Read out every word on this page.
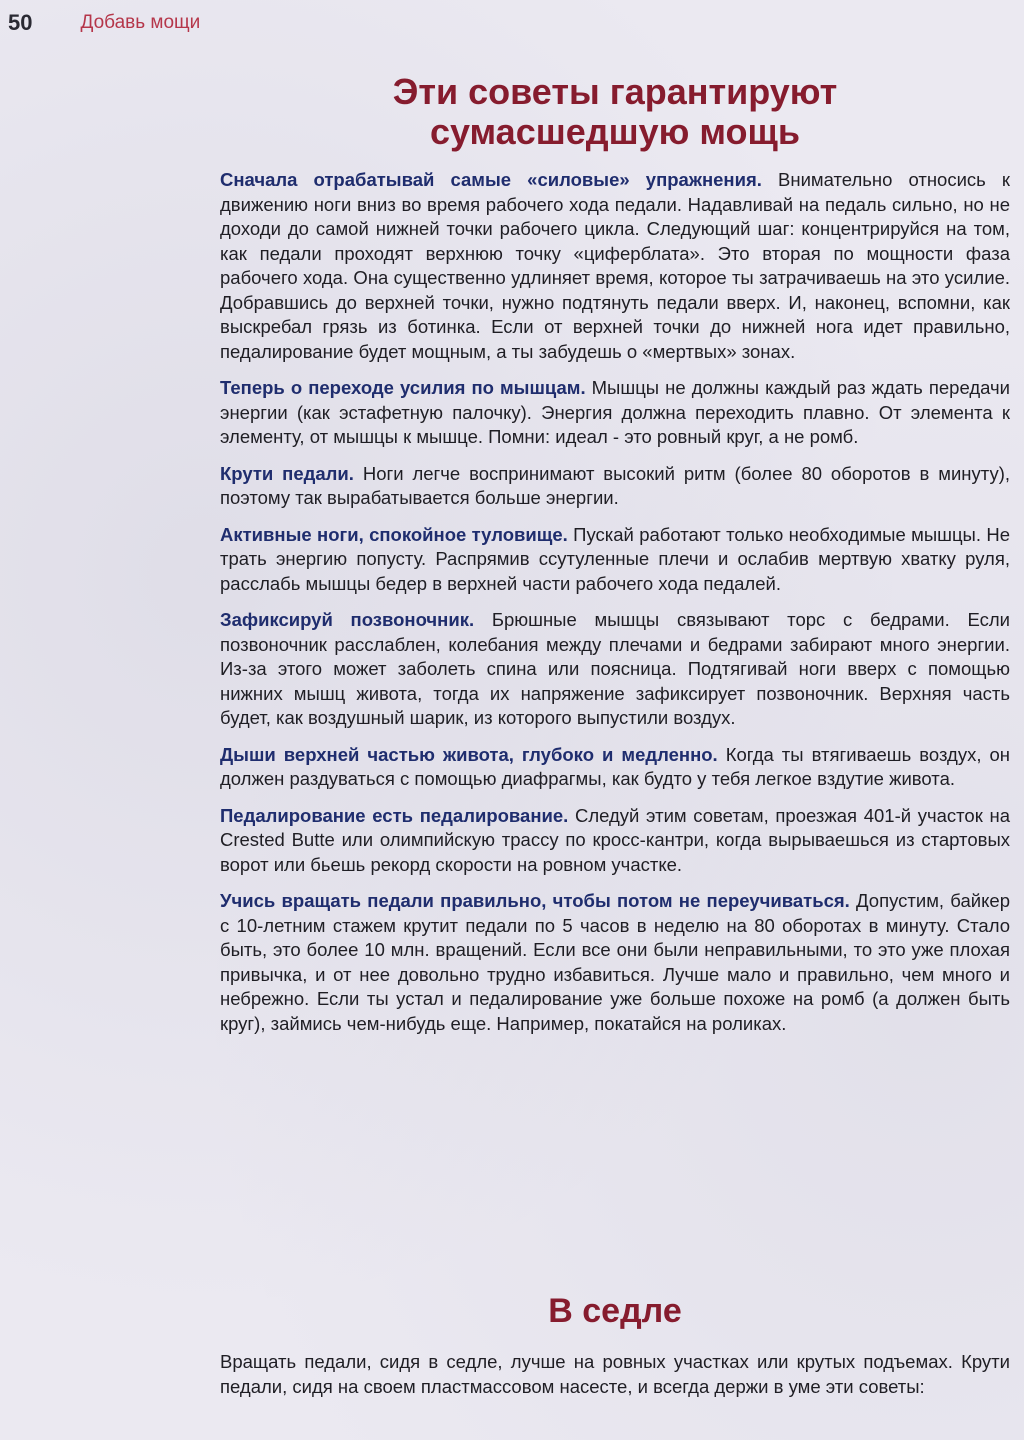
50	Добавь мощи
Эти советы гарантируют
сумасшедшую мощь

Сначала отрабатывай самые «силовые» упражнения. Внимательно относись к движению ноги вниз во время рабочего хода педали. Надавливай на педаль сильно, но не доходи до самой нижней точки рабочего цикла. Следующий шаг: концентрируйся на том, как педали проходят верхнюю точку «циферблата». Это вторая по мощности фаза рабочего хода. Она существенно удлиняет время, которое ты затрачиваешь на это усилие. Добравшись до верхней точки, нужно подтянуть педали вверх. И, наконец, вспомни, как выскребал грязь из ботинка. Если от верхней точки до нижней нога идет правильно, педалирование будет мощным, а ты забудешь о «мертвых» зонах.

Теперь о переходе усилия по мышцам. Мышцы не должны каждый раз ждать передачи энергии (как эстафетную палочку). Энергия должна переходить плавно. От элемента к элементу, от мышцы к мышце. Помни: идеал - это ровный круг, а не ромб.

Крути педали. Ноги легче воспринимают высокий ритм (более 80 оборотов в минуту), поэтому так вырабатывается больше энергии.

Активные ноги, спокойное туловище. Пускай работают только необходимые мышцы. Не трать энергию попусту. Распрямив ссутуленные плечи и ослабив мертвую хватку руля, расслабь мышцы бедер в верхней части рабочего хода педалей.

Зафиксируй позвоночник. Брюшные мышцы связывают торс с бедрами. Если позвоночник расслаблен, колебания между плечами и бедрами забирают много энергии. Из-за этого может заболеть спина или поясница. Подтягивай ноги вверх с помощью нижних мышц живота, тогда их напряжение зафиксирует позвоночник. Верхняя часть будет, как воздушный шарик, из которого выпустили воздух.

Дыши верхней частью живота, глубоко и медленно. Когда ты втягиваешь воздух, он должен раздуваться с помощью диафрагмы, как будто у тебя легкое вздутие живота.

Педалирование есть педалирование. Следуй этим советам, проезжая 401-й участок на Crested Butte или олимпийскую трассу по кросс-кантри, когда вырываешься из стартовых ворот или бьешь рекорд скорости на ровном участке.

Учись вращать педали правильно, чтобы потом не переучиваться. Допустим, байкер с 10-летним стажем крутит педали по 5 часов в неделю на 80 оборотах в минуту. Стало быть, это более 10 млн. вращений. Если все они были неправильными, то это уже плохая привычка, и от нее довольно трудно избавиться. Лучше мало и правильно, чем много и небрежно. Если ты устал и педалирование уже больше похоже на ромб (а должен быть круг), займись чем-нибудь еще. Например, покатайся на роликах.

В седле

Вращать педали, сидя в седле, лучше на ровных участках или крутых подъемах. Крути педали, сидя на своем пластмассовом насесте, и всегда держи в уме эти советы:
